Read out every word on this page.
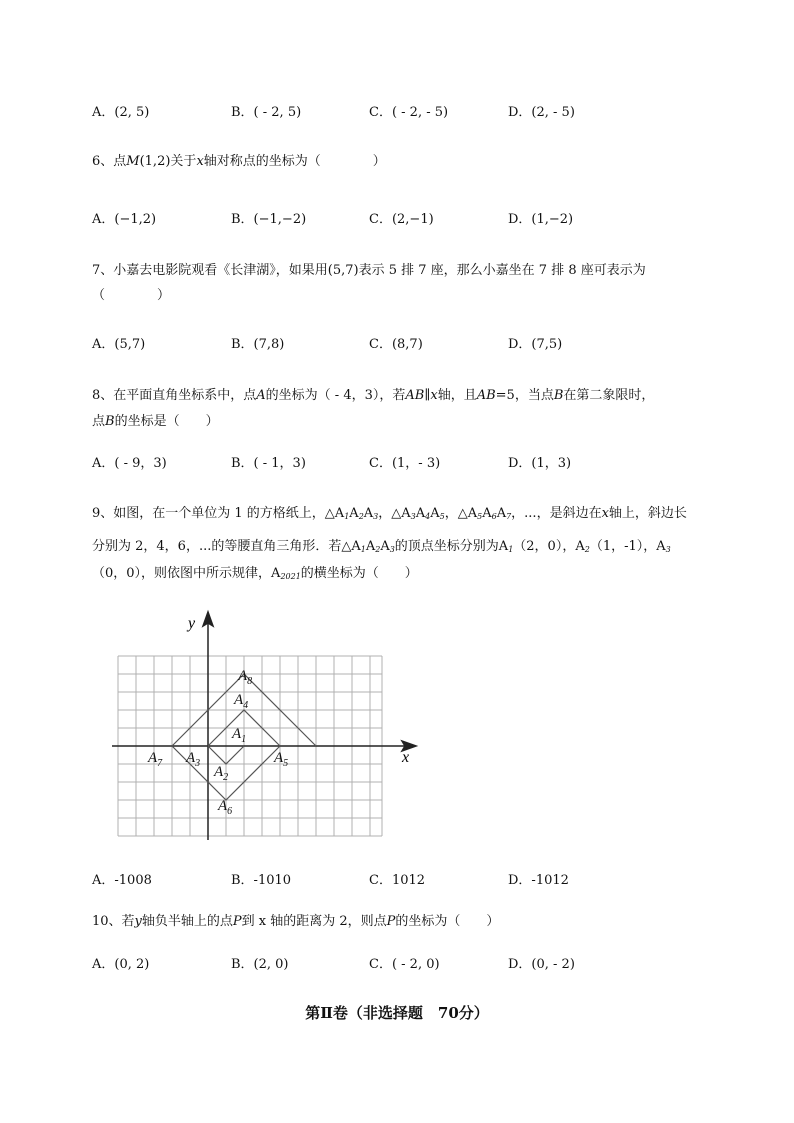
A．(2, 5)	B．( - 2, 5)	C．( - 2, - 5)	D．(2, - 5)
6、点M(1,2)关于x轴对称点的坐标为（　　　　）
A．(−1,2)	B．(−1,−2)	C．(2,−1)	D．(1,−2)
7、小嘉去电影院观看《长津湖》，如果用(5,7)表示 5 排 7 座，那么小嘉坐在 7 排 8 座可表示为
（　　　　）
A．(5,7)	B．(7,8)	C．(8,7)	D．(7,5)
8、在平面直角坐标系中，点A的坐标为（ - 4，3），若AB∥x轴，且AB=5，当点B在第二象限时，
点B的坐标是（　　）
A．( - 9，3)	B．( - 1，3)	C．(1，- 3)	D．(1，3)
9、如图，在一个单位为 1 的方格纸上，$\triangle A_1A_2A_3$，$\triangle A_3A_4A_5$，$\triangle A_5A_6A_7$，...，是斜边在x轴上，斜边长
分别为 2，4，6，...的等腰直角三角形．若$\triangle A_1A_2A_3$的顶点坐标分别为$A_1(2$，0），$A_2(1$，-1），$A_3$
（0，0），则依图中所示规律，$A_{2021}$的横坐标为（　　）
x
y
$A_8$
$A_4$
$A_1$
$A_7$ $A_3$	$A_5$
$A_2$
$A_6$
A．-1008	B．-1010	C．1012	D．-1012
10、若y轴负半轴上的点P到 x 轴的距离为 2，则点P的坐标为（　　）
A．(0, 2)	B．(2, 0)	C．( - 2, 0)	D．(0, - 2)
第Ⅱ卷（非选择题　70分）
